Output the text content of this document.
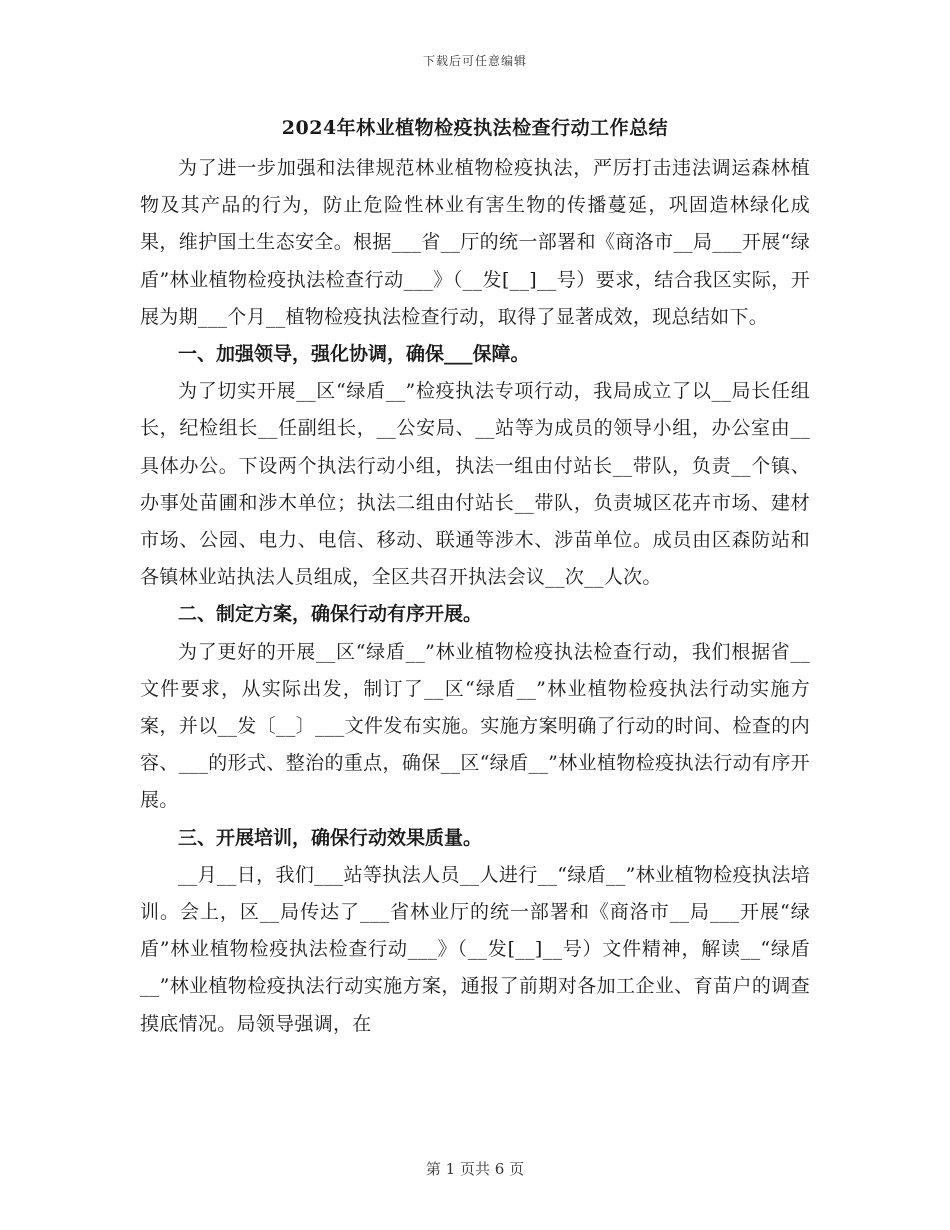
下载后可任意编辑
2024年林业植物检疫执法检查行动工作总结

为了进一步加强和法律规范林业植物检疫执法，严厉打击违法调运森林植物及其产品的行为，防止危险性林业有害生物的传播蔓延，巩固造林绿化成果，维护国土生态安全。根据___省__厅的统一部署和《商洛市__局___开展“绿盾”林业植物检疫执法检查行动___》（__发[__]__号）要求，结合我区实际，开展为期___个月__植物检疫执法检查行动，取得了显著成效，现总结如下。

一、加强领导，强化协调，确保___保障。

为了切实开展__区“绿盾__”检疫执法专项行动，我局成立了以__局长任组长，纪检组长__任副组长，__公安局、__站等为成员的领导小组，办公室由__具体办公。下设两个执法行动小组，执法一组由付站长__带队，负责__个镇、办事处苗圃和涉木单位；执法二组由付站长__带队，负责城区花卉市场、建材市场、公园、电力、电信、移动、联通等涉木、涉苗单位。成员由区森防站和各镇林业站执法人员组成，全区共召开执法会议__次__人次。

二、制定方案，确保行动有序开展。

为了更好的开展__区“绿盾__”林业植物检疫执法检查行动，我们根据省__文件要求，从实际出发，制订了__区“绿盾__”林业植物检疫执法行动实施方案，并以__发〔__〕___文件发布实施。实施方案明确了行动的时间、检查的内容、___的形式、整治的重点，确保__区“绿盾__”林业植物检疫执法行动有序开展。

三、开展培训，确保行动效果质量。

__月__日，我们___站等执法人员__人进行__“绿盾__”林业植物检疫执法培训。会上，区__局传达了___省林业厅的统一部署和《商洛市__局___开展“绿盾”林业植物检疫执法检查行动___》（__发[__]__号）文件精神，解读__“绿盾__”林业植物检疫执法行动实施方案，通报了前期对各加工企业、育苗户的调查摸底情况。局领导强调，在

第 1 页共 6 页
